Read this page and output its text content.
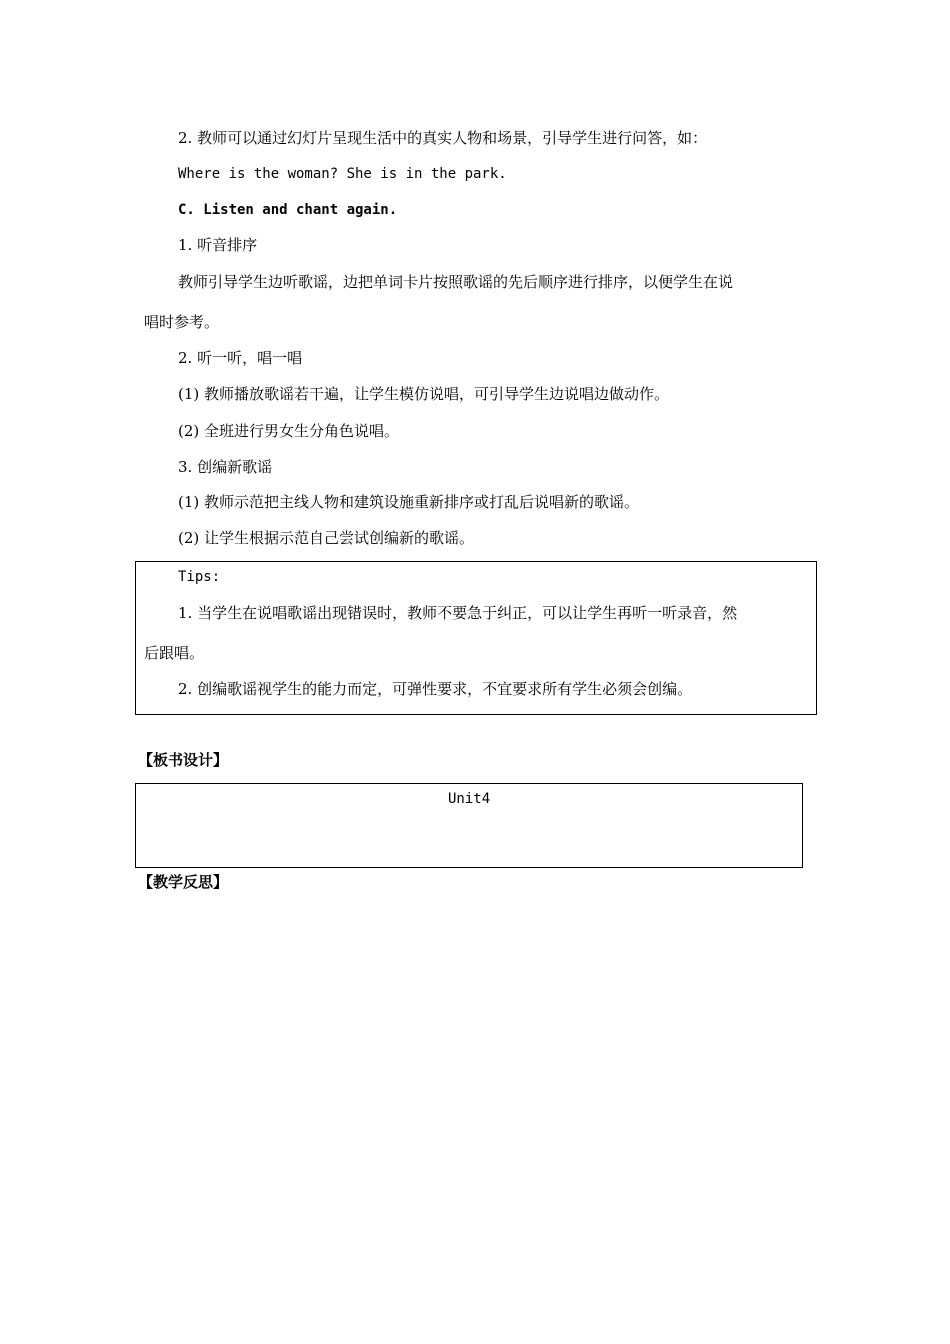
2. 教师可以通过幻灯片呈现生活中的真实人物和场景，引导学生进行问答，如：
Where is the woman? She is in the park.
C. Listen and chant again.
1. 听音排序
教师引导学生边听歌谣，边把单词卡片按照歌谣的先后顺序进行排序，以便学生在说
唱时参考。
2. 听一听，唱一唱
(1) 教师播放歌谣若干遍，让学生模仿说唱，可引导学生边说唱边做动作。
(2) 全班进行男女生分角色说唱。
3. 创编新歌谣
(1) 教师示范把主线人物和建筑设施重新排序或打乱后说唱新的歌谣。
(2) 让学生根据示范自己尝试创编新的歌谣。
Tips:
1. 当学生在说唱歌谣出现错误时，教师不要急于纠正，可以让学生再听一听录音，然
后跟唱。
2. 创编歌谣视学生的能力而定，可弹性要求，不宜要求所有学生必须会创编。
【板书设计】
Unit4
【教学反思】
